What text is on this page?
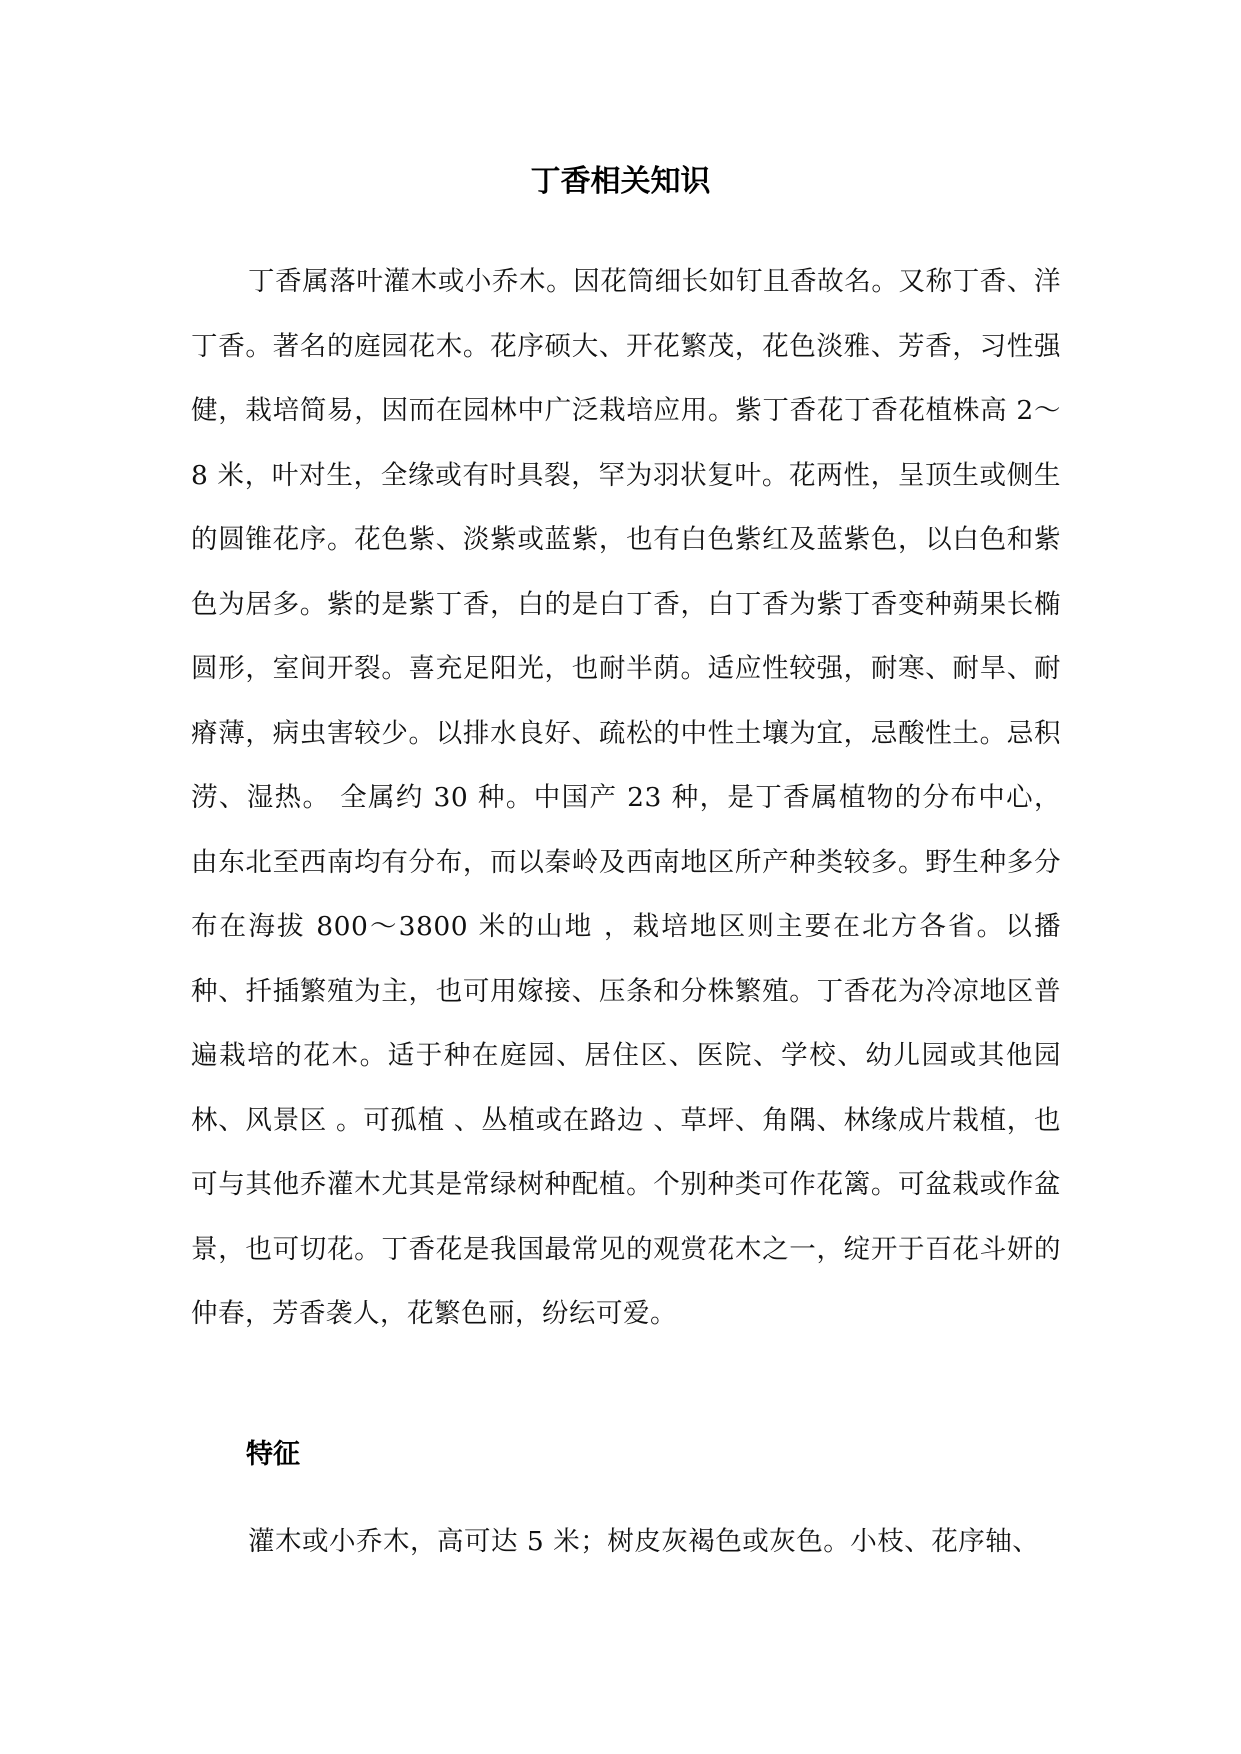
丁香相关知识

丁香属落叶灌木或小乔木。因花筒细长如钉且香故名。又称丁香、洋丁香。著名的庭园花木。花序硕大、开花繁茂，花色淡雅、芳香，习性强健，栽培简易，因而在园林中广泛栽培应用。紫丁香花丁香花植株高 2～8 米，叶对生，全缘或有时具裂，罕为羽状复叶。花两性，呈顶生或侧生的圆锥花序。花色紫、淡紫或蓝紫，也有白色紫红及蓝紫色，以白色和紫色为居多。紫的是紫丁香，白的是白丁香，白丁香为紫丁香变种蒴果长椭圆形，室间开裂。喜充足阳光，也耐半荫。适应性较强，耐寒、耐旱、耐瘠薄，病虫害较少。以排水良好、疏松的中性土壤为宜，忌酸性土。忌积涝、湿热。 全属约 30 种。中国产 23 种，是丁香属植物的分布中心，由东北至西南均有分布，而以秦岭及西南地区所产种类较多。野生种多分布在海拔 800～3800 米的山地 ，栽培地区则主要在北方各省。以播种、扦插繁殖为主，也可用嫁接、压条和分株繁殖。丁香花为冷凉地区普遍栽培的花木。适于种在庭园、居住区、医院、学校、幼儿园或其他园林、风景区 。可孤植 、丛植或在路边 、草坪、角隅、林缘成片栽植，也可与其他乔灌木尤其是常绿树种配植。个别种类可作花篱。可盆栽或作盆景，也可切花。丁香花是我国最常见的观赏花木之一，绽开于百花斗妍的仲春，芳香袭人，花繁色丽，纷纭可爱。

特征

灌木或小乔木，高可达 5 米；树皮灰褐色或灰色。小枝、花序轴、
